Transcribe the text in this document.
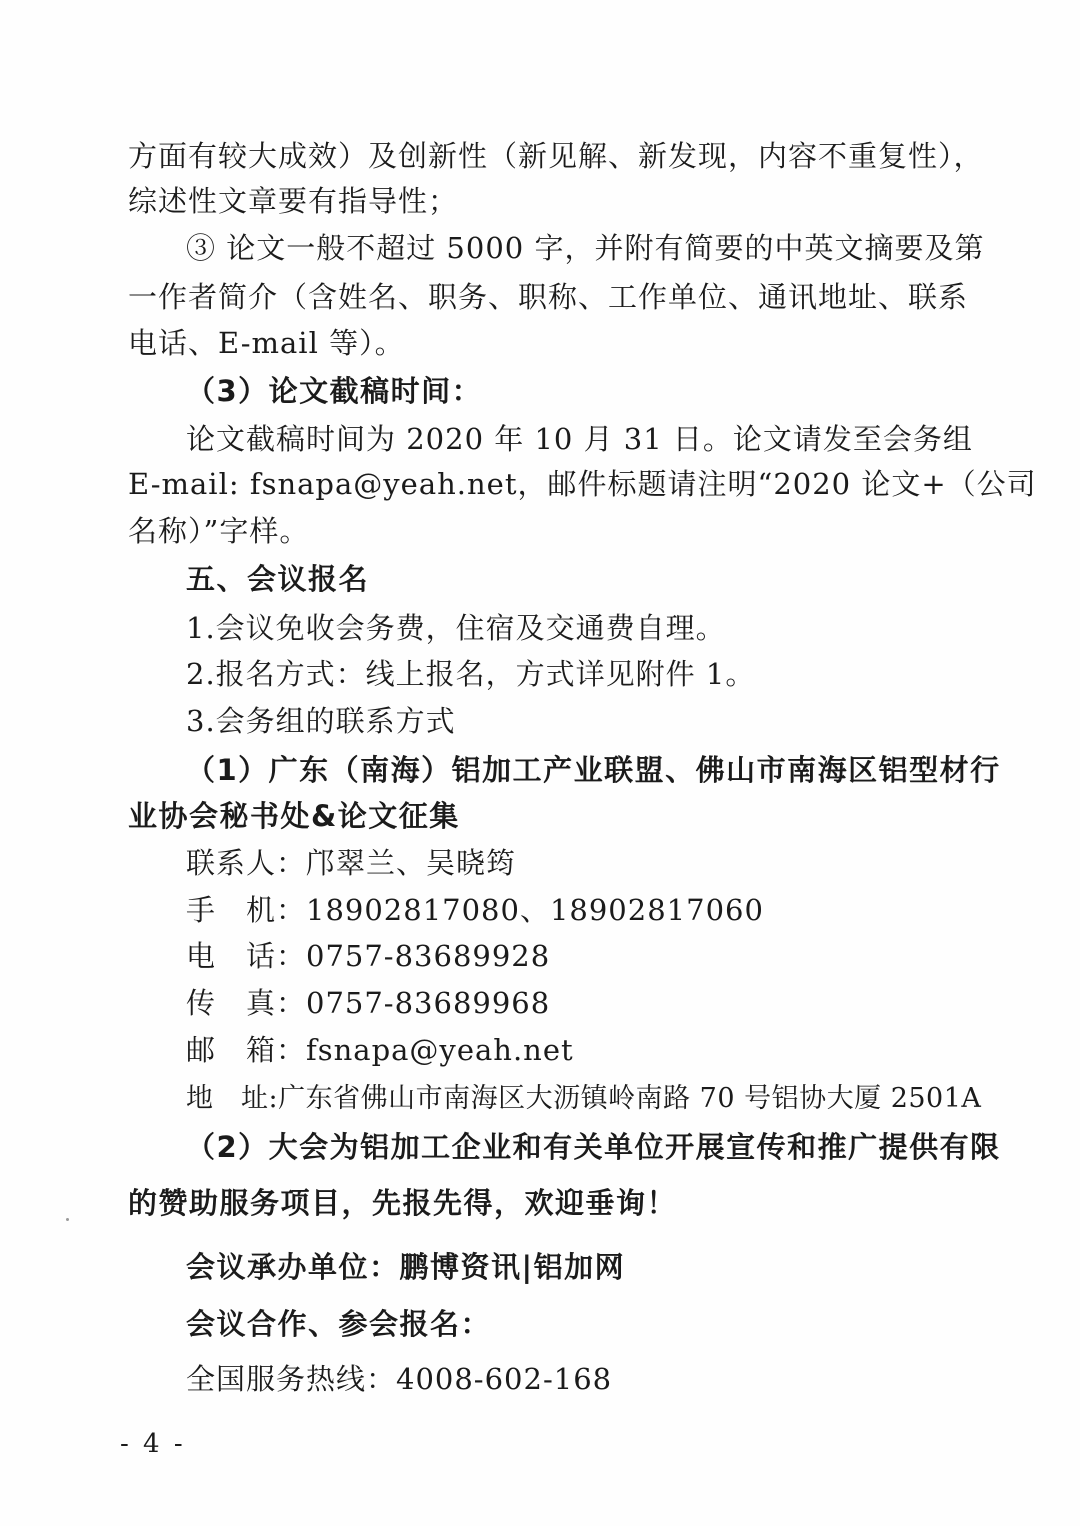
方面有较大成效）及创新性（新见解、新发现，内容不重复性），
综述性文章要有指导性；
③ 论文一般不超过 5000 字，并附有简要的中英文摘要及第
一作者简介（含姓名、职务、职称、工作单位、通讯地址、联系
电话、E-mail 等）。
（3）论文截稿时间：
论文截稿时间为 2020 年 10 月 31 日。论文请发至会务组
E-mail: fsnapa@yeah.net，邮件标题请注明“2020 论文+（公司
名称）”字样。
五、会议报名
1.会议免收会务费，住宿及交通费自理。
2.报名方式：线上报名，方式详见附件 1。
3.会务组的联系方式
（1）广东（南海）铝加工产业联盟、佛山市南海区铝型材行
业协会秘书处&论文征集
联系人：邝翠兰、吴晓筠
手　机：18902817080、18902817060
电　话：0757-83689928
传　真：0757-83689968
邮　箱：fsnapa@yeah.net
地　址:广东省佛山市南海区大沥镇岭南路 70 号铝协大厦 2501A
（2）大会为铝加工企业和有关单位开展宣传和推广提供有限
的赞助服务项目，先报先得，欢迎垂询！
会议承办单位：鹏博资讯|铝加网
会议合作、参会报名：
全国服务热线：4008-602-168
- 4 -
